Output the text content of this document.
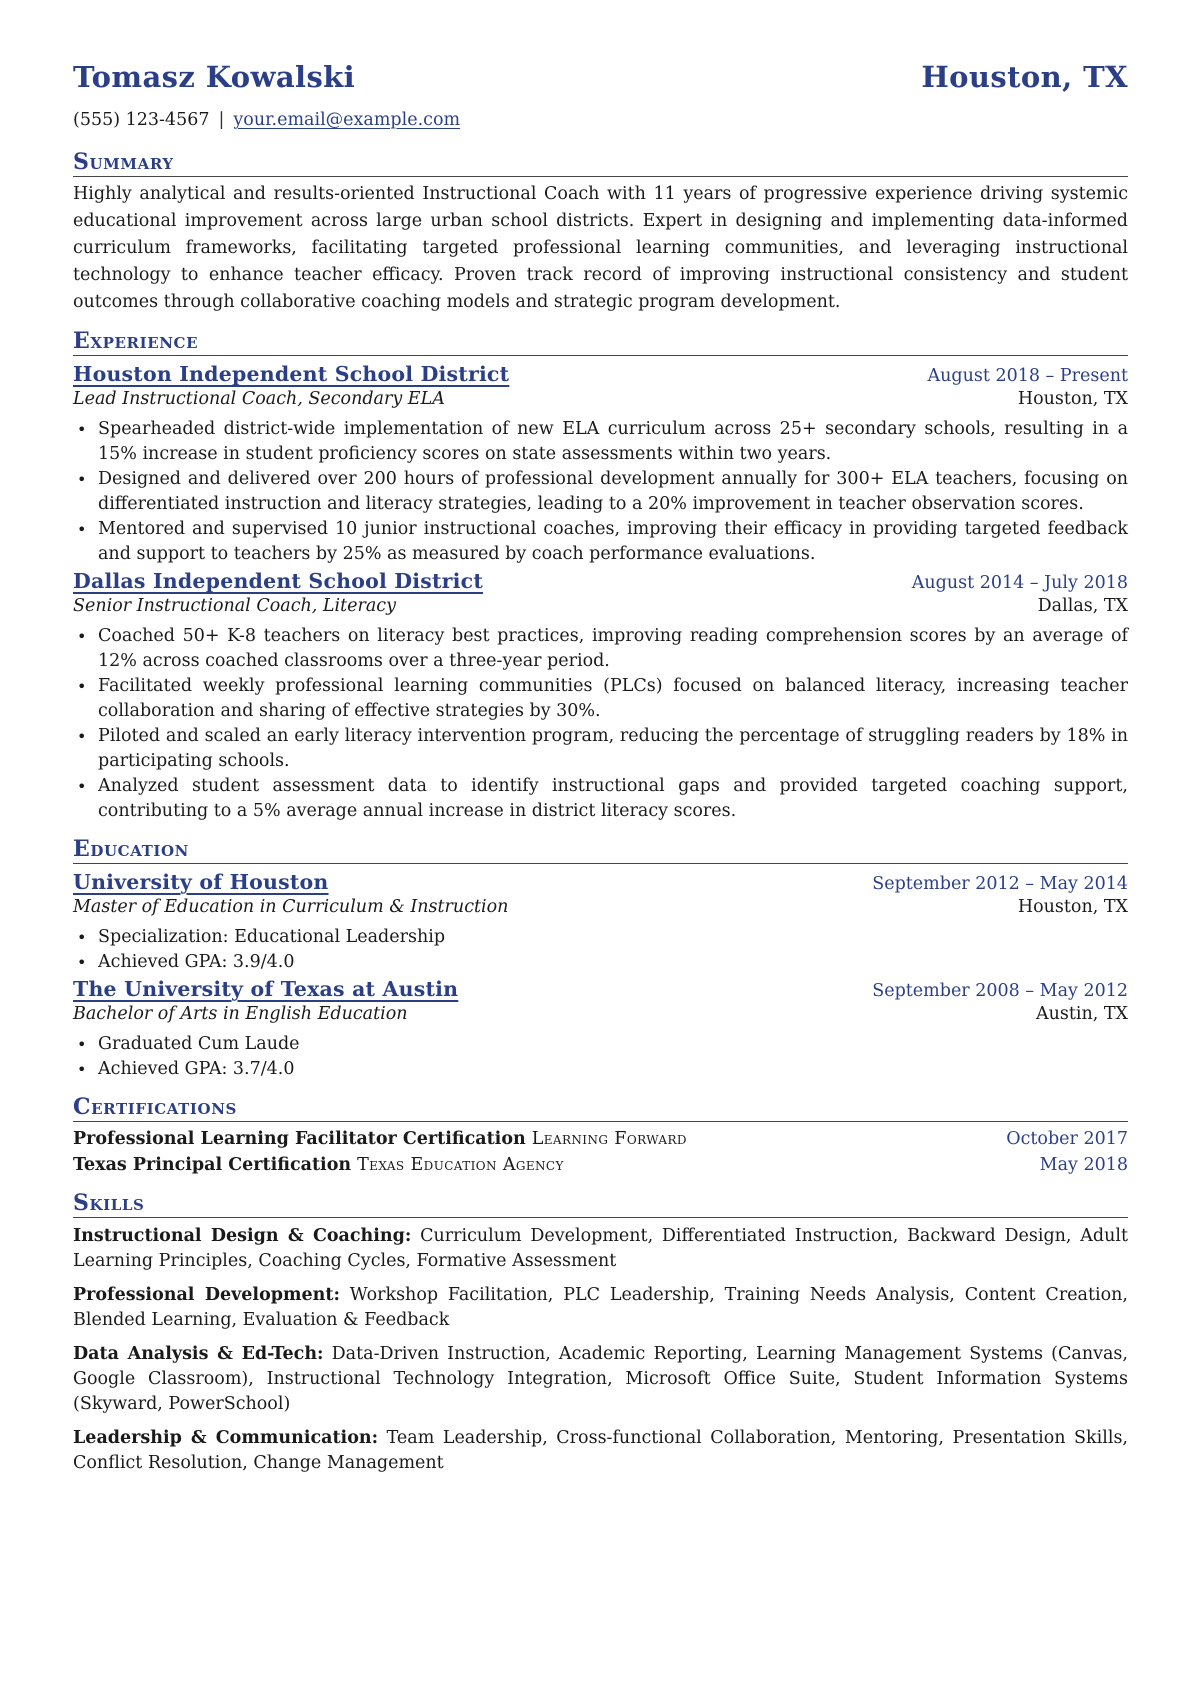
Tomasz Kowalski	Houston, TX
(555) 123-4567 | your.email@example.com
Summary
Highly analytical and results-oriented Instructional Coach with 11 years of progressive experience driving systemic educational improvement across large urban school districts. Expert in designing and implementing data-informed curriculum frameworks, facilitating targeted professional learning communities, and leveraging instructional technology to enhance teacher efficacy. Proven track record of improving instructional consistency and student outcomes through collaborative coaching models and strategic program development.
Experience
Houston Independent School District	August 2018 – Present
Lead Instructional Coach, Secondary ELA	Houston, TX
• Spearheaded district-wide implementation of new ELA curriculum across 25+ secondary schools, resulting in a 15% increase in student proficiency scores on state assessments within two years.
• Designed and delivered over 200 hours of professional development annually for 300+ ELA teachers, focusing on differentiated instruction and literacy strategies, leading to a 20% improvement in teacher observation scores.
• Mentored and supervised 10 junior instructional coaches, improving their efficacy in providing targeted feedback and support to teachers by 25% as measured by coach performance evaluations.
Dallas Independent School District	August 2014 – July 2018
Senior Instructional Coach, Literacy	Dallas, TX
• Coached 50+ K-8 teachers on literacy best practices, improving reading comprehension scores by an average of 12% across coached classrooms over a three-year period.
• Facilitated weekly professional learning communities (PLCs) focused on balanced literacy, increasing teacher collaboration and sharing of effective strategies by 30%.
• Piloted and scaled an early literacy intervention program, reducing the percentage of struggling readers by 18% in participating schools.
• Analyzed student assessment data to identify instructional gaps and provided targeted coaching support, contributing to a 5% average annual increase in district literacy scores.
Education
University of Houston	September 2012 – May 2014
Master of Education in Curriculum & Instruction	Houston, TX
• Specialization: Educational Leadership
• Achieved GPA: 3.9/4.0
The University of Texas at Austin	September 2008 – May 2012
Bachelor of Arts in English Education	Austin, TX
• Graduated Cum Laude
• Achieved GPA: 3.7/4.0
Certifications
Professional Learning Facilitator Certification Learning Forward	October 2017
Texas Principal Certification Texas Education Agency	May 2018
Skills
Instructional Design & Coaching: Curriculum Development, Differentiated Instruction, Backward Design, Adult Learning Principles, Coaching Cycles, Formative Assessment
Professional Development: Workshop Facilitation, PLC Leadership, Training Needs Analysis, Content Creation, Blended Learning, Evaluation & Feedback
Data Analysis & Ed-Tech: Data-Driven Instruction, Academic Reporting, Learning Management Systems (Canvas, Google Classroom), Instructional Technology Integration, Microsoft Office Suite, Student Information Systems (Skyward, PowerSchool)
Leadership & Communication: Team Leadership, Cross-functional Collaboration, Mentoring, Presentation Skills, Conflict Resolution, Change Management
